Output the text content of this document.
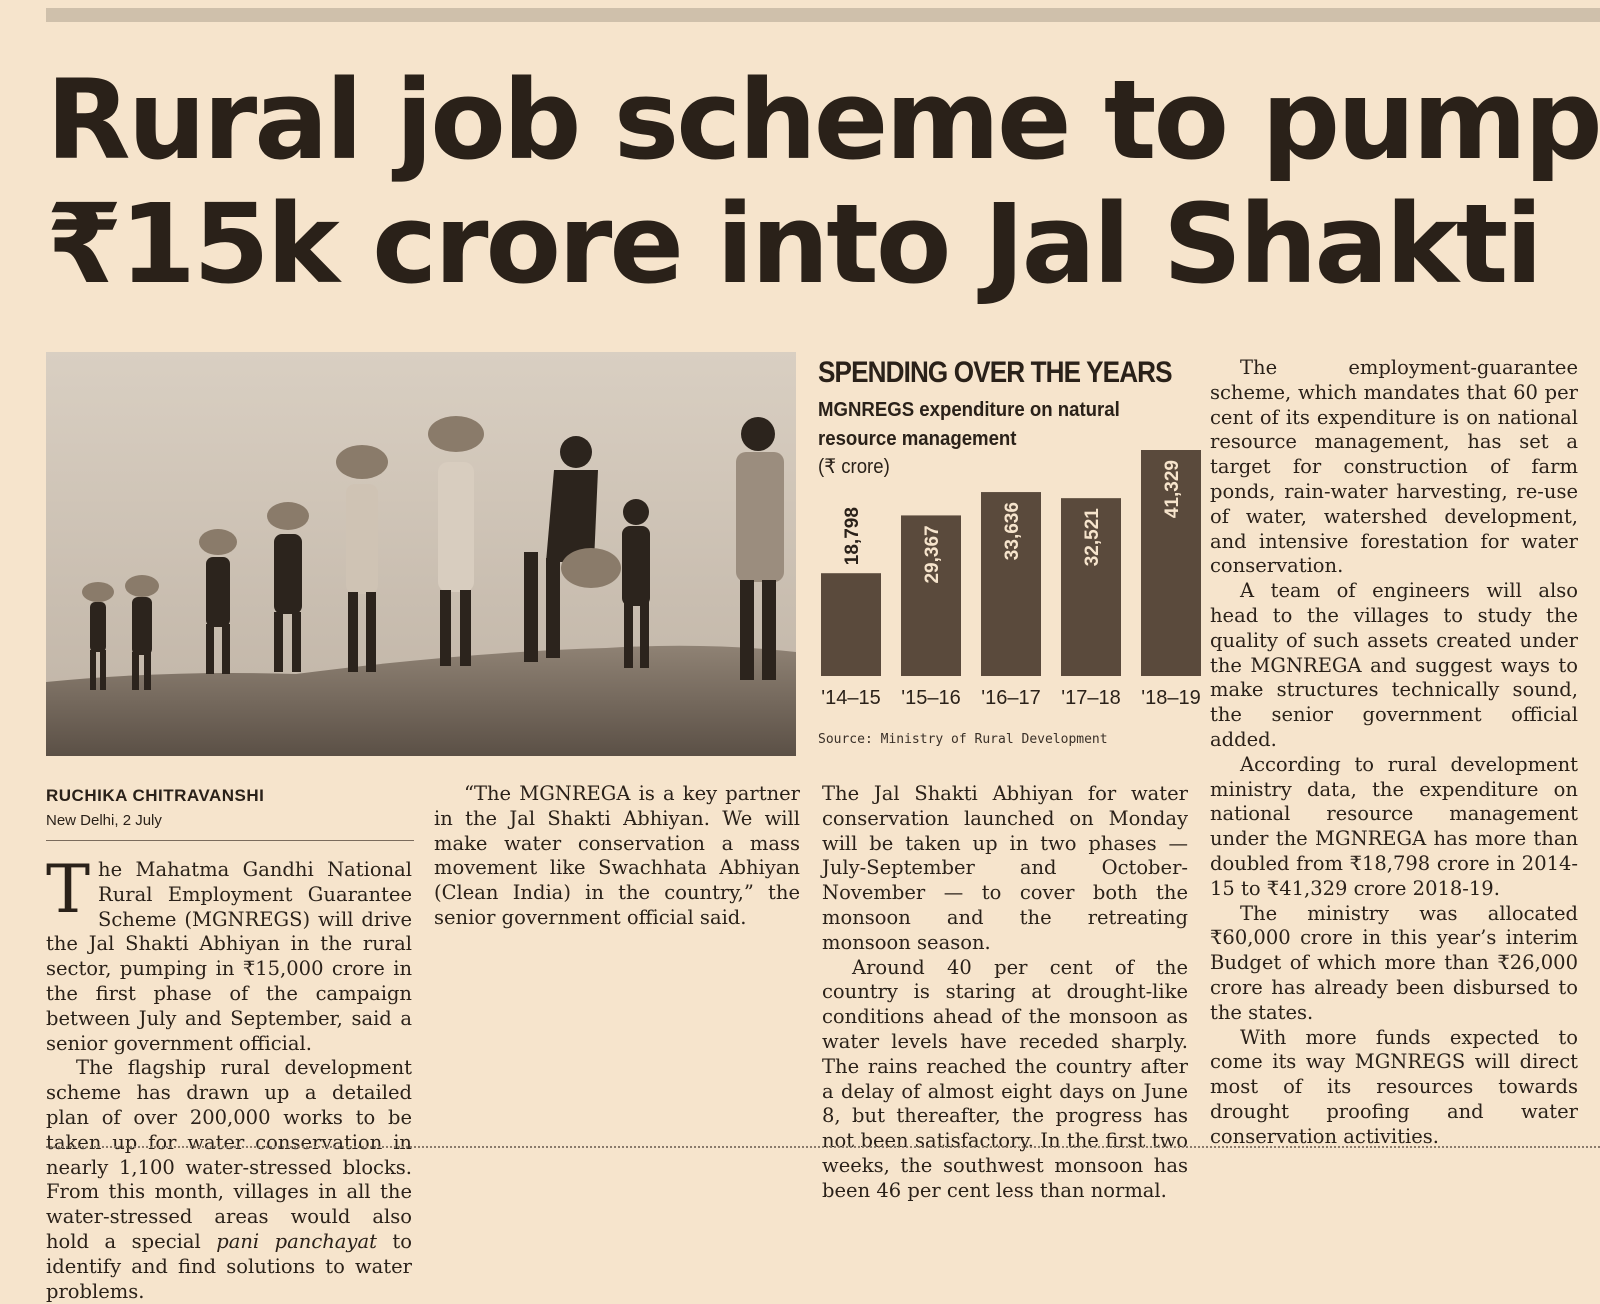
Rural job scheme to pump
₹15k crore into Jal Shakti
SPENDING OVER THE YEARS
MGNREGS expenditure on natural resource management
(₹ crore)
18,798
'14–15
29,367
'15–16
33,636
'16–17
32,521
'17–18
41,329
'18–19
Source: Ministry of Rural Development
RUCHIKA CHITRAVANSHI
New Delhi, 2 July

The Mahatma Gandhi National Rural Employment Guarantee Scheme (MGNREGS) will drive the Jal Shakti Abhiyan in the rural sector, pumping in ₹15,000 crore in the first phase of the campaign between July and September, said a senior government official.

The flagship rural development scheme has drawn up a detailed plan of over 200,000 works to be taken up for water conservation in nearly 1,100 water-stressed blocks. From this month, villages in all the water-stressed areas would also hold a special pani panchayat to identify and find solutions to water problems.

“The MGNREGA is a key partner in the Jal Shakti Abhiyan. We will make water conservation a mass movement like Swachhata Abhiyan (Clean India) in the country,” the senior government official said.

The Jal Shakti Abhiyan for water conservation launched on Monday will be taken up in two phases — July-September and October-November — to cover both the monsoon and the retreating monsoon season.

Around 40 per cent of the country is staring at drought-like conditions ahead of the monsoon as water levels have receded sharply. The rains reached the country after a delay of almost eight days on June 8, but thereafter, the progress has not been satisfactory. In the first two weeks, the southwest monsoon has been 46 per cent less than normal.

The employment-guarantee scheme, which mandates that 60 per cent of its expenditure is on national resource management, has set a target for construction of farm ponds, rain-water harvesting, re-use of water, watershed development, and intensive forestation for water conservation.

A team of engineers will also head to the villages to study the quality of such assets created under the MGNREGA and suggest ways to make structures technically sound, the senior government official added.

According to rural development ministry data, the expenditure on national resource management under the MGNREGA has more than doubled from ₹18,798 crore in 2014-15 to ₹41,329 crore 2018-19.

The ministry was allocated ₹60,000 crore in this year’s interim Budget of which more than ₹26,000 crore has already been disbursed to the states.

With more funds expected to come its way MGNREGS will direct most of its resources towards drought proofing and water conservation activities.
